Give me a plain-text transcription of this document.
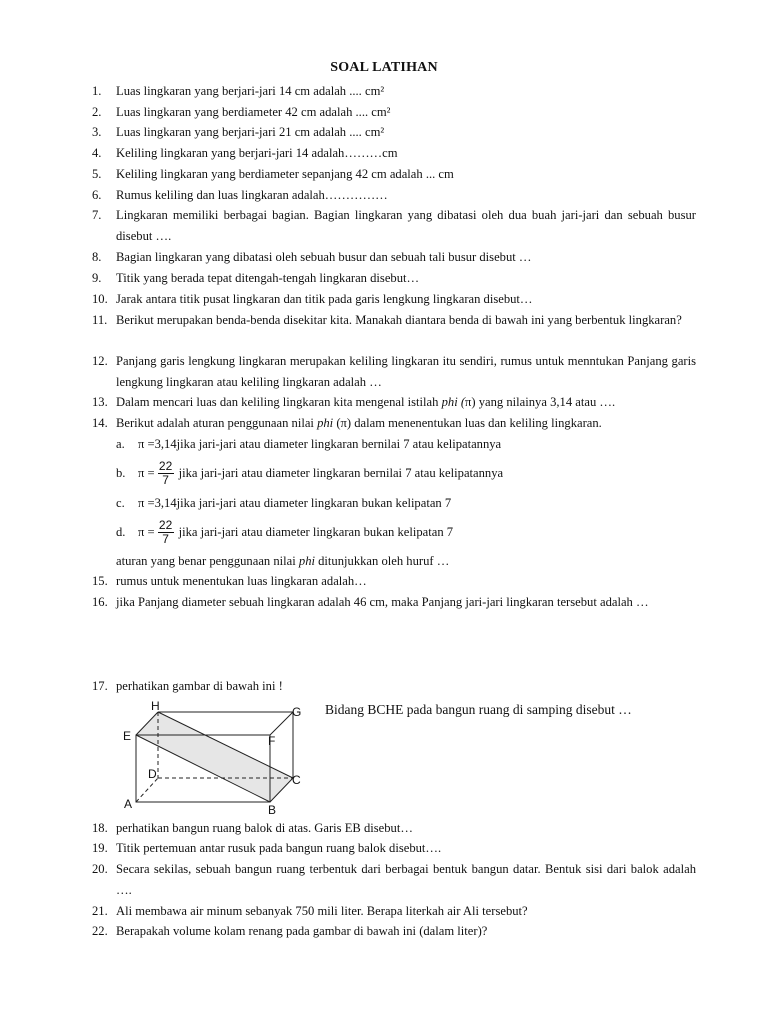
SOAL LATIHAN
1. Luas lingkaran yang berjari-jari 14 cm adalah .... cm²
2. Luas lingkaran yang berdiameter 42 cm adalah .... cm²
3. Luas lingkaran yang berjari-jari 21 cm adalah .... cm²
4. Keliling lingkaran yang berjari-jari 14 adalah………cm
5. Keliling lingkaran yang berdiameter sepanjang 42 cm adalah ... cm
6. Rumus keliling dan luas lingkaran adalah……………
7. Lingkaran memiliki berbagai bagian. Bagian lingkaran yang dibatasi oleh dua buah jari-jari dan sebuah busur disebut ….
8. Bagian lingkaran yang dibatasi oleh sebuah busur dan sebuah tali busur disebut …
9. Titik yang berada tepat ditengah-tengah lingkaran disebut…
10. Jarak antara titik pusat lingkaran dan titik pada garis lengkung lingkaran disebut…
11. Berikut merupakan benda-benda disekitar kita. Manakah diantara benda di bawah ini yang berbentuk lingkaran?
12. Panjang garis lengkung lingkaran merupakan keliling lingkaran itu sendiri, rumus untuk menntukan Panjang garis lengkung lingkaran atau keliling lingkaran adalah …
13. Dalam mencari luas dan keliling lingkaran kita mengenal istilah phi (π) yang nilainya 3,14 atau ….
14. Berikut adalah aturan penggunaan nilai phi (π) dalam menenentukan luas dan keliling lingkaran.
a.	π = 3,14 jika jari-jari atau diameter lingkaran bernilai 7 atau kelipatannya
b. $\pi = \frac{22}{7}$ jika jari-jari atau diameter lingkaran bernilai 7 atau kelipatannya
c.	π = 3,14 jika jari-jari atau diameter lingkaran bukan kelipatan 7
d. $\pi = \frac{22}{7}$ jika jari-jari atau diameter lingkaran bukan kelipatan 7
aturan yang benar penggunaan nilai phi ditunjukkan oleh huruf …
15. rumus untuk menentukan luas lingkaran adalah…
16. jika Panjang diameter sebuah lingkaran adalah 46 cm, maka Panjang jari-jari lingkaran tersebut adalah …
17. perhatikan gambar di bawah ini !
A	B
C
D
E	F
G
H	Bidang BCHE pada bangun ruang di samping disebut …
18. perhatikan bangun ruang balok di atas. Garis EB disebut…
19. Titik pertemuan antar rusuk pada bangun ruang balok disebut….
20. Secara sekilas, sebuah bangun ruang terbentuk dari berbagai bentuk bangun datar. Bentuk sisi dari balok adalah ….
21. Ali membawa air minum sebanyak 750 mili liter. Berapa literkah air Ali tersebut?
22. Berapakah volume kolam renang pada gambar di bawah ini (dalam liter)?
